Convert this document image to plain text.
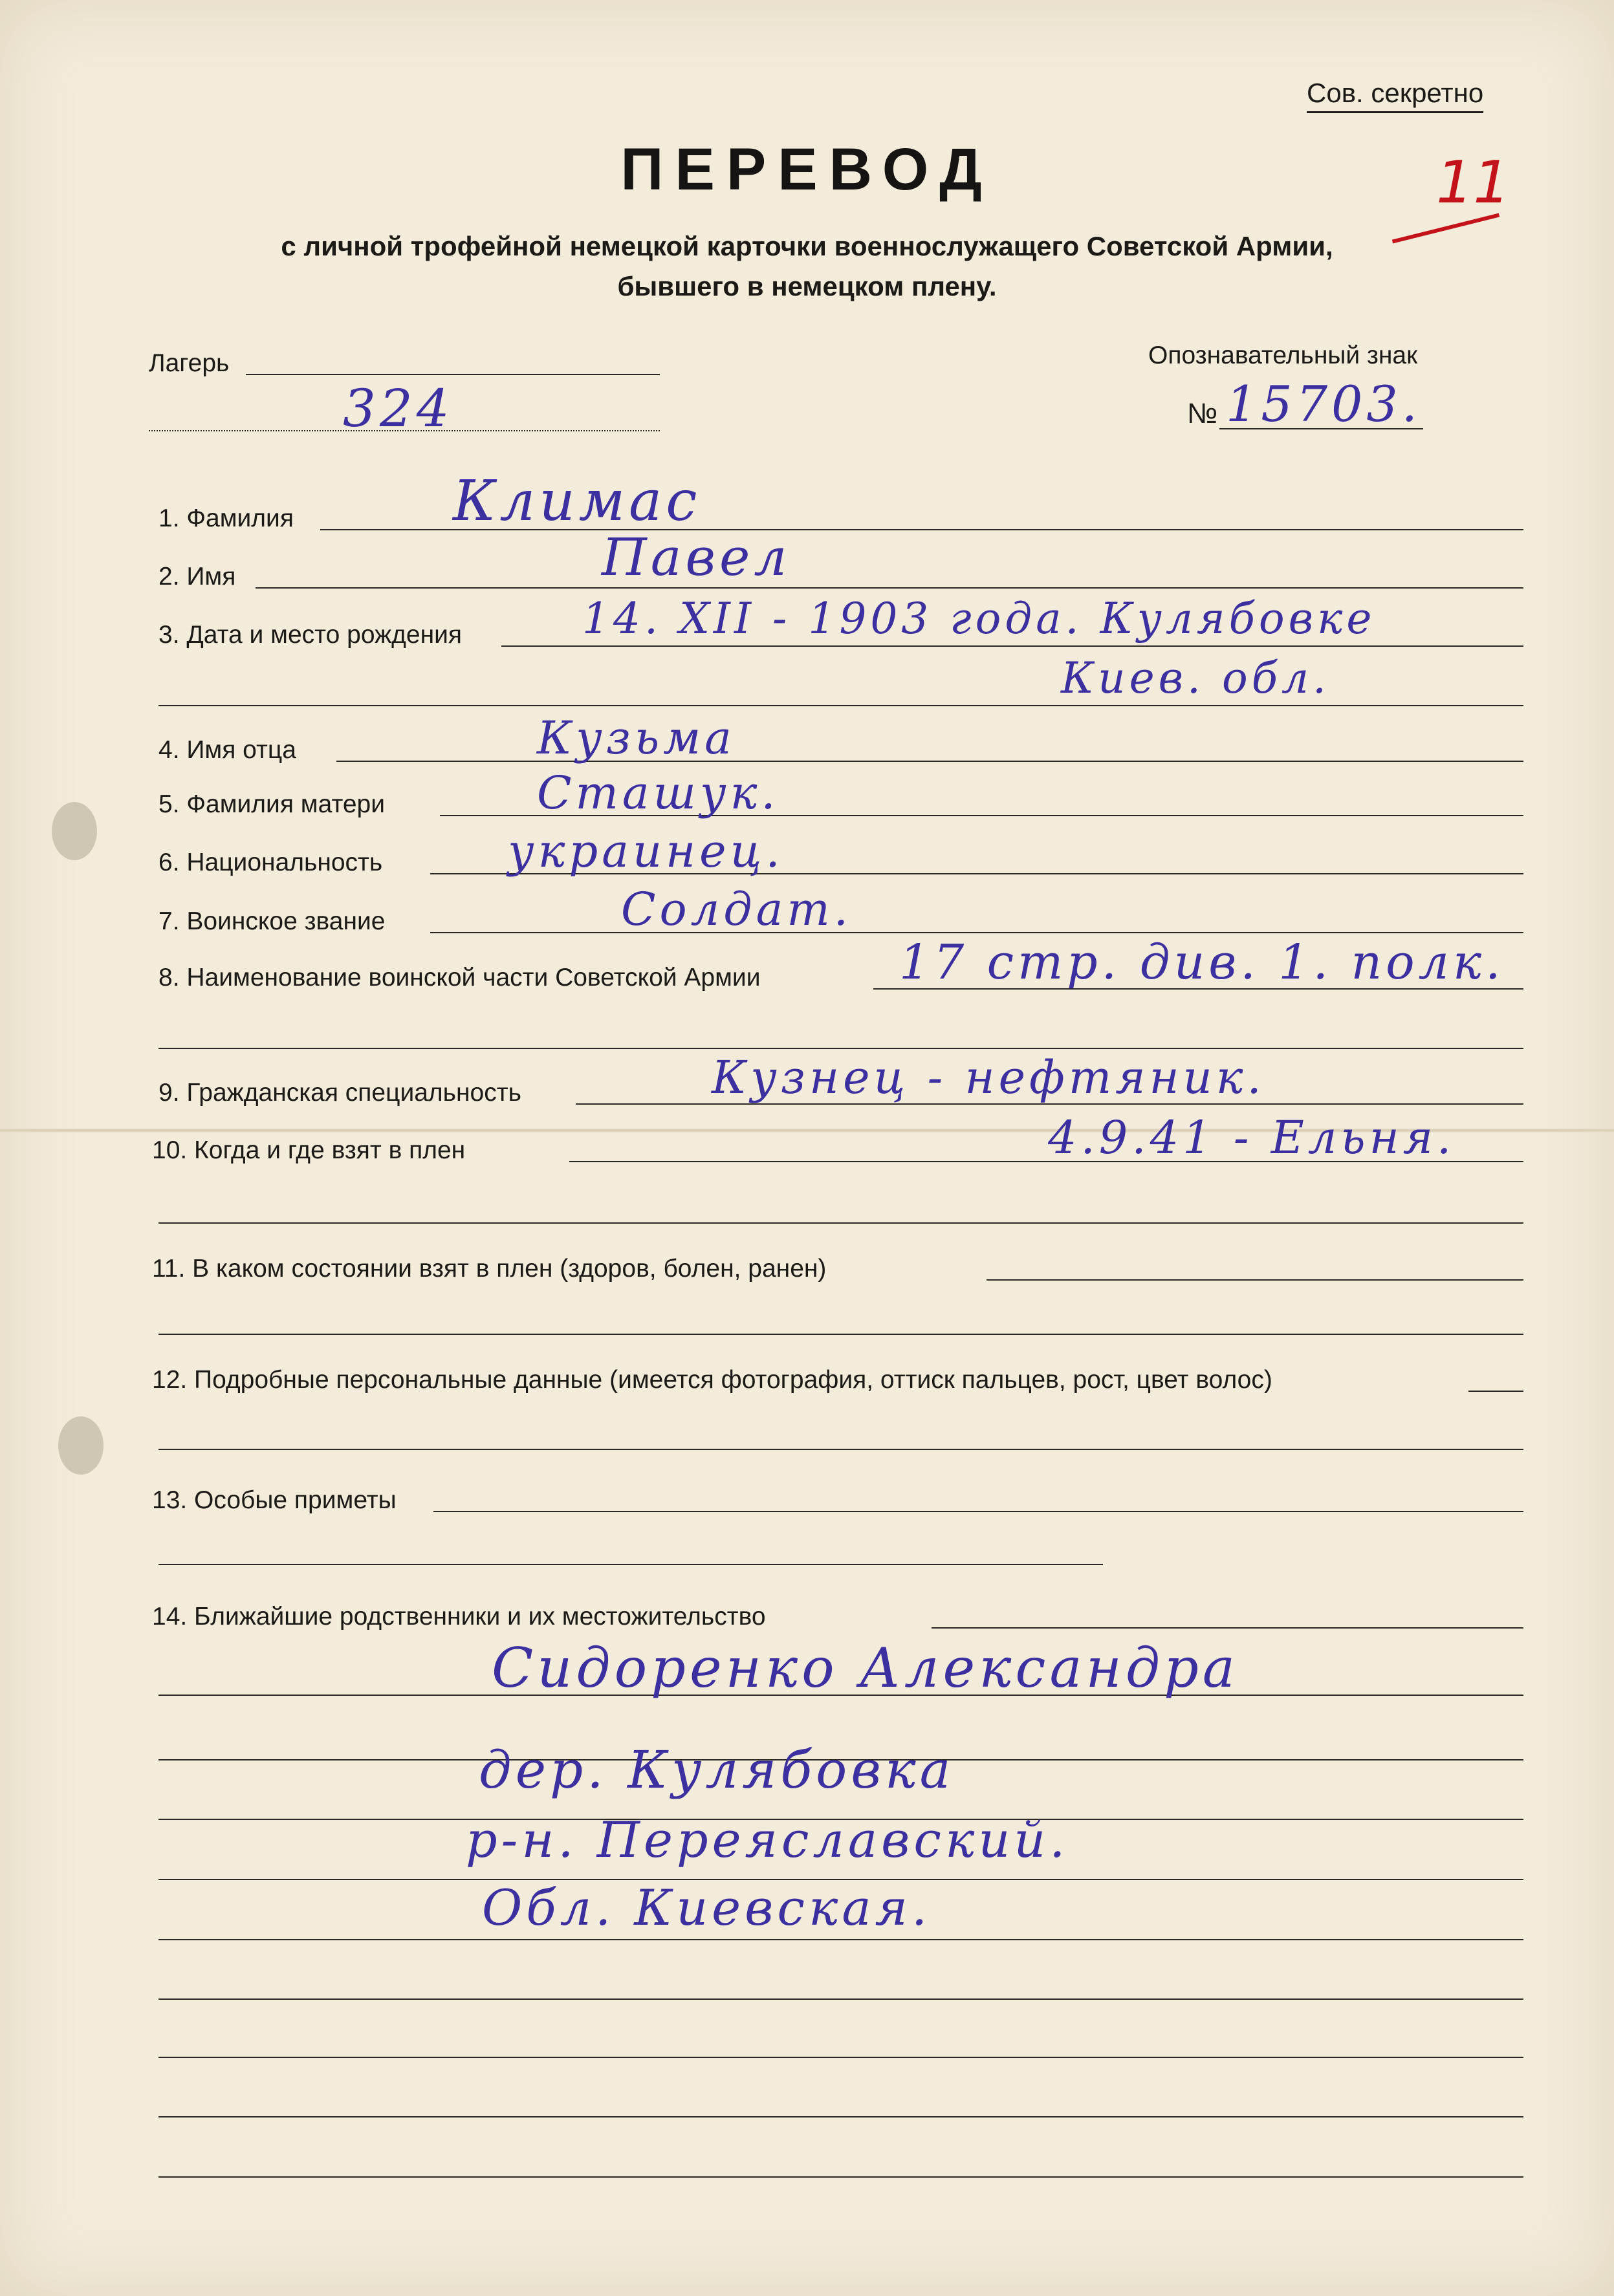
Сов. секретно
11
ПЕРЕВОД
с личной трофейной немецкой карточки военнослужащего Советской Армии,
бывшего в немецком плену.
Лагерь
324
Опознавательный знак
№ 15703.
1. Фамилия	Климас
2. Имя	Павел
3. Дата и место рождения	14. XII - 1903 года. Кулябовке
Киев. обл.
4. Имя отца	Кузьма
5. Фамилия матери	Сташук.
6. Национальность	украинец.
7. Воинское звание	Солдат.
8. Наименование воинской части Советской Армии	17 стр. див. 1. полк.
9. Гражданская специальность	Кузнец - нефтяник.
10. Когда и где взят в плен	4.9.41 - Ельня.
11. В каком состоянии взят в плен (здоров, болен, ранен)
12. Подробные персональные данные (имеется фотография, оттиск пальцев, рост, цвет волос)
13. Особые приметы
14. Ближайшие родственники и их местожительство
Сидоренко Александра
дер. Кулябовка
р-н. Переяславский.
Обл. Киевская.
